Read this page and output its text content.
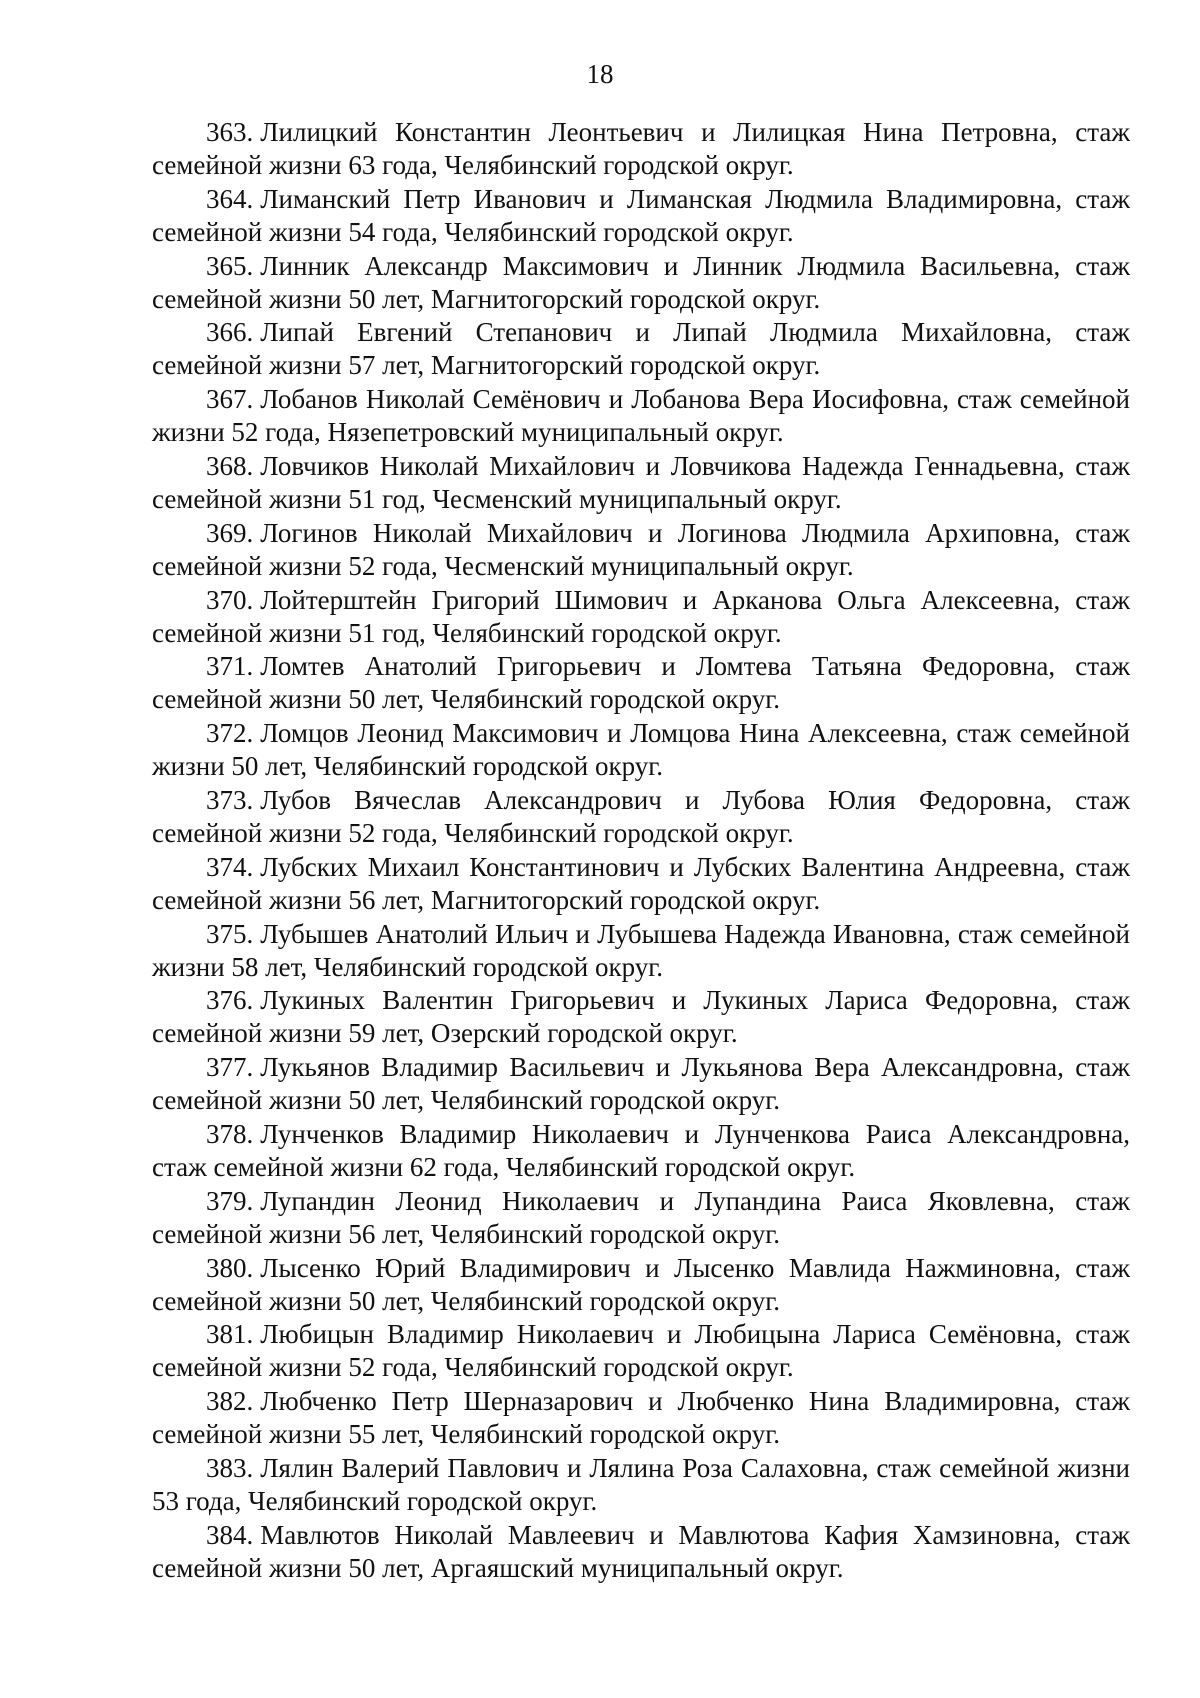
18

363. Лилицкий Константин Леонтьевич и Лилицкая Нина Петровна, стаж семейной жизни 63 года, Челябинский городской округ.

364. Лиманский Петр Иванович и Лиманская Людмила Владимировна, стаж семейной жизни 54 года, Челябинский городской округ.

365. Линник Александр Максимович и Линник Людмила Васильевна, стаж семейной жизни 50 лет, Магнитогорский городской округ.

366. Липай Евгений Степанович и Липай Людмила Михайловна, стаж семейной жизни 57 лет, Магнитогорский городской округ.

367. Лобанов Николай Семёнович и Лобанова Вера Иосифовна, стаж семейной жизни 52 года, Нязепетровский муниципальный округ.

368. Ловчиков Николай Михайлович и Ловчикова Надежда Геннадьевна, стаж семейной жизни 51 год, Чесменский муниципальный округ.

369. Логинов Николай Михайлович и Логинова Людмила Архиповна, стаж семейной жизни 52 года, Чесменский муниципальный округ.

370. Лойтерштейн Григорий Шимович и Арканова Ольга Алексеевна, стаж семейной жизни 51 год, Челябинский городской округ.

371. Ломтев Анатолий Григорьевич и Ломтева Татьяна Федоровна, стаж семейной жизни 50 лет, Челябинский городской округ.

372. Ломцов Леонид Максимович и Ломцова Нина Алексеевна, стаж семейной жизни 50 лет, Челябинский городской округ.

373. Лубов Вячеслав Александрович и Лубова Юлия Федоровна, стаж семейной жизни 52 года, Челябинский городской округ.

374. Лубских Михаил Константинович и Лубских Валентина Андреевна, стаж семейной жизни 56 лет, Магнитогорский городской округ.

375. Лубышев Анатолий Ильич и Лубышева Надежда Ивановна, стаж семейной жизни 58 лет, Челябинский городской округ.

376. Лукиных Валентин Григорьевич и Лукиных Лариса Федоровна, стаж семейной жизни 59 лет, Озерский городской округ.

377. Лукьянов Владимир Васильевич и Лукьянова Вера Александровна, стаж семейной жизни 50 лет, Челябинский городской округ.

378. Лунченков Владимир Николаевич и Лунченкова Раиса Александровна, стаж семейной жизни 62 года, Челябинский городской округ.

379. Лупандин Леонид Николаевич и Лупандина Раиса Яковлевна, стаж семейной жизни 56 лет, Челябинский городской округ.

380. Лысенко Юрий Владимирович и Лысенко Мавлида Нажминовна, стаж семейной жизни 50 лет, Челябинский городской округ.

381. Любицын Владимир Николаевич и Любицына Лариса Семёновна, стаж семейной жизни 52 года, Челябинский городской округ.

382. Любченко Петр Шерназарович и Любченко Нина Владимировна, стаж семейной жизни 55 лет, Челябинский городской округ.

383. Лялин Валерий Павлович и Лялина Роза Салаховна, стаж семейной жизни 53 года, Челябинский городской округ.

384. Мавлютов Николай Мавлеевич и Мавлютова Кафия Хамзиновна, стаж семейной жизни 50 лет, Аргаяшский муниципальный округ.
